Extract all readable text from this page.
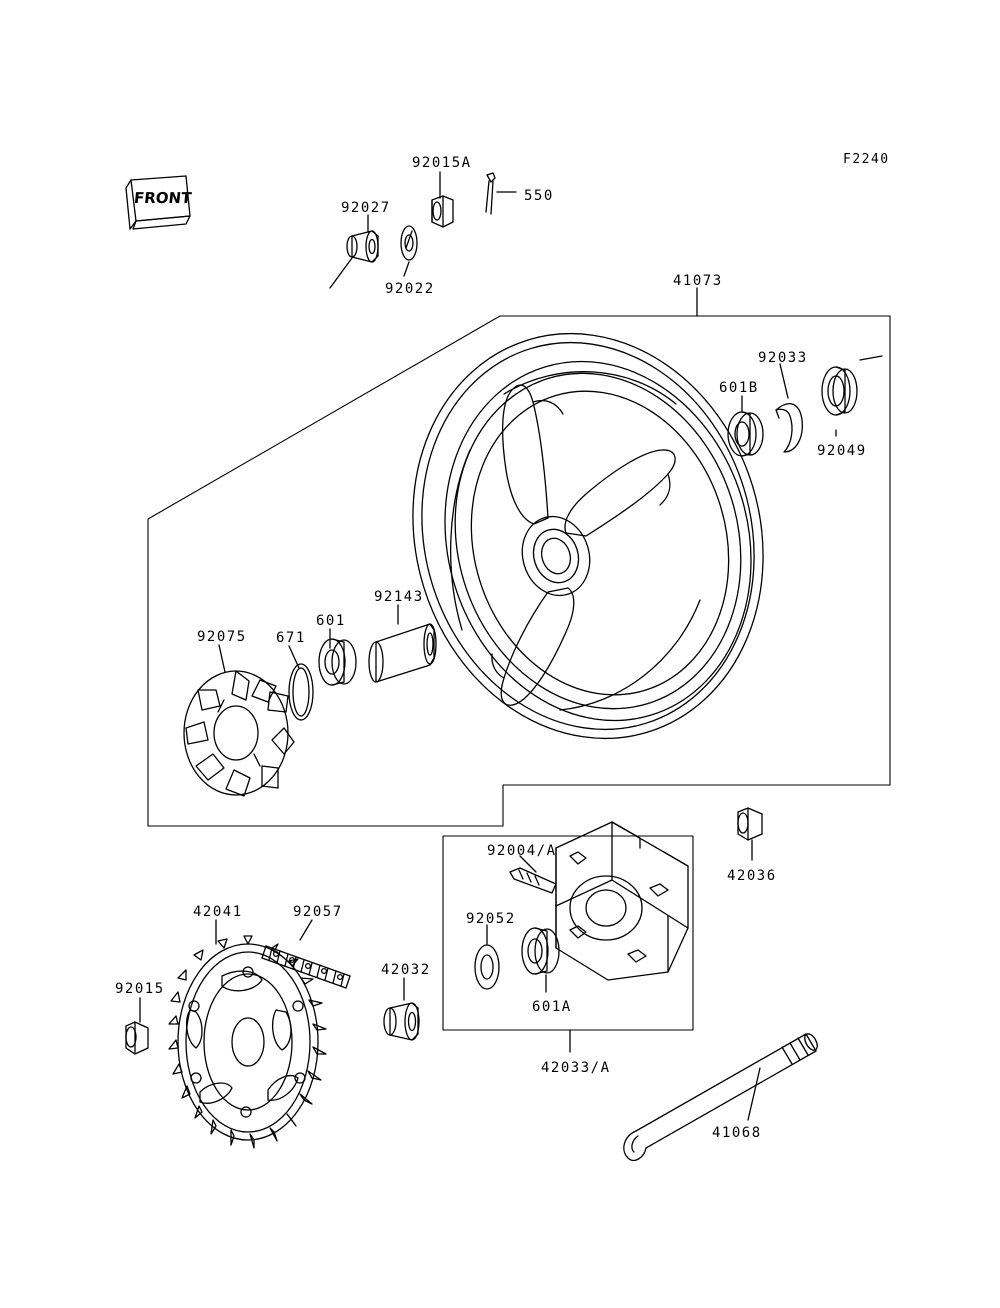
FRONT
F2240
92015A
550
92027
92022	41073
92033
601B
92049
92143
601
671
92075
92004/A
42036
92052
601A
42041	92057
42032
92015
42033/A
41068
